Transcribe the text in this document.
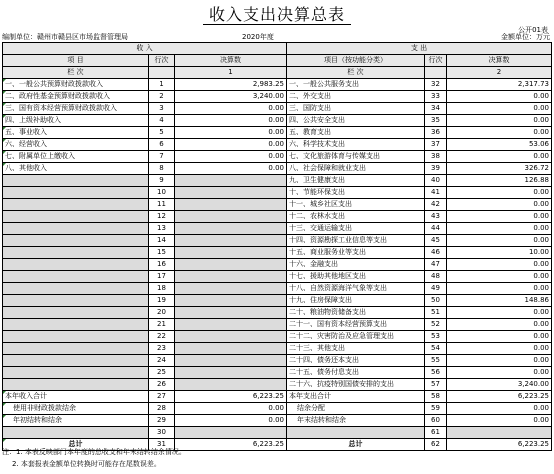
收入支出决算总表
公开01表
编制单位：赣州市赣县区市场监督管理局	2020年度	金额单位：万元
收 入			支 出		
项 目	行次	决算数	项目（按功能分类）	行次	决算数
栏 次		1	栏 次		2
一、一般公共预算财政拨款收入	1	2,983.25	一、一般公共服务支出	32	2,317.73
二、政府性基金预算财政拨款收入	2	3,240.00	二、外交支出	33	0.00
三、国有资本经营预算财政拨款收入	3	0.00	三、国防支出	34	0.00
四、上级补助收入	4	0.00	四、公共安全支出	35	0.00
五、事业收入	5	0.00	五、教育支出	36	0.00
六、经营收入	6	0.00	六、科学技术支出	37	53.06
七、附属单位上缴收入	7	0.00	七、文化旅游体育与传媒支出	38	0.00
八、其他收入	8	0.00	八、社会保障和就业支出	39	326.72
	9		九、卫生健康支出	40	126.88
	10		十、节能环保支出	41	0.00
	11		十一、城乡社区支出	42	0.00
	12		十二、农林水支出	43	0.00
	13		十三、交通运输支出	44	0.00
	14		十四、资源勘探工业信息等支出	45	0.00
	15		十五、商业服务业等支出	46	10.00
	16		十六、金融支出	47	0.00
	17		十七、援助其他地区支出	48	0.00
	18		十八、自然资源海洋气象等支出	49	0.00
	19		十九、住房保障支出	50	148.86
	20		二十、粮油物资储备支出	51	0.00
	21		二十一、国有资本经营预算支出	52	0.00
	22		二十二、灾害防治及应急管理支出	53	0.00
	23		二十三、其他支出	54	0.00
	24		二十四、债务还本支出	55	0.00
	25		二十五、债务付息支出	56	0.00
	26		二十六、抗疫特别国债安排的支出	57	3,240.00
本年收入合计	27	6,223.25	本年支出合计	58	6,223.25
使用非财政拨款结余	28	0.00	结余分配	59	0.00
年初结转和结余	29	0.00	年末结转和结余	60	0.00
	30			61	
总计	31	6,223.25	总计	62	6,223.25
注：1. 本表反映部门本年度的总收支和年末结转结余情况。
2. 本套报表金额单位转换时可能存在尾数误差。
